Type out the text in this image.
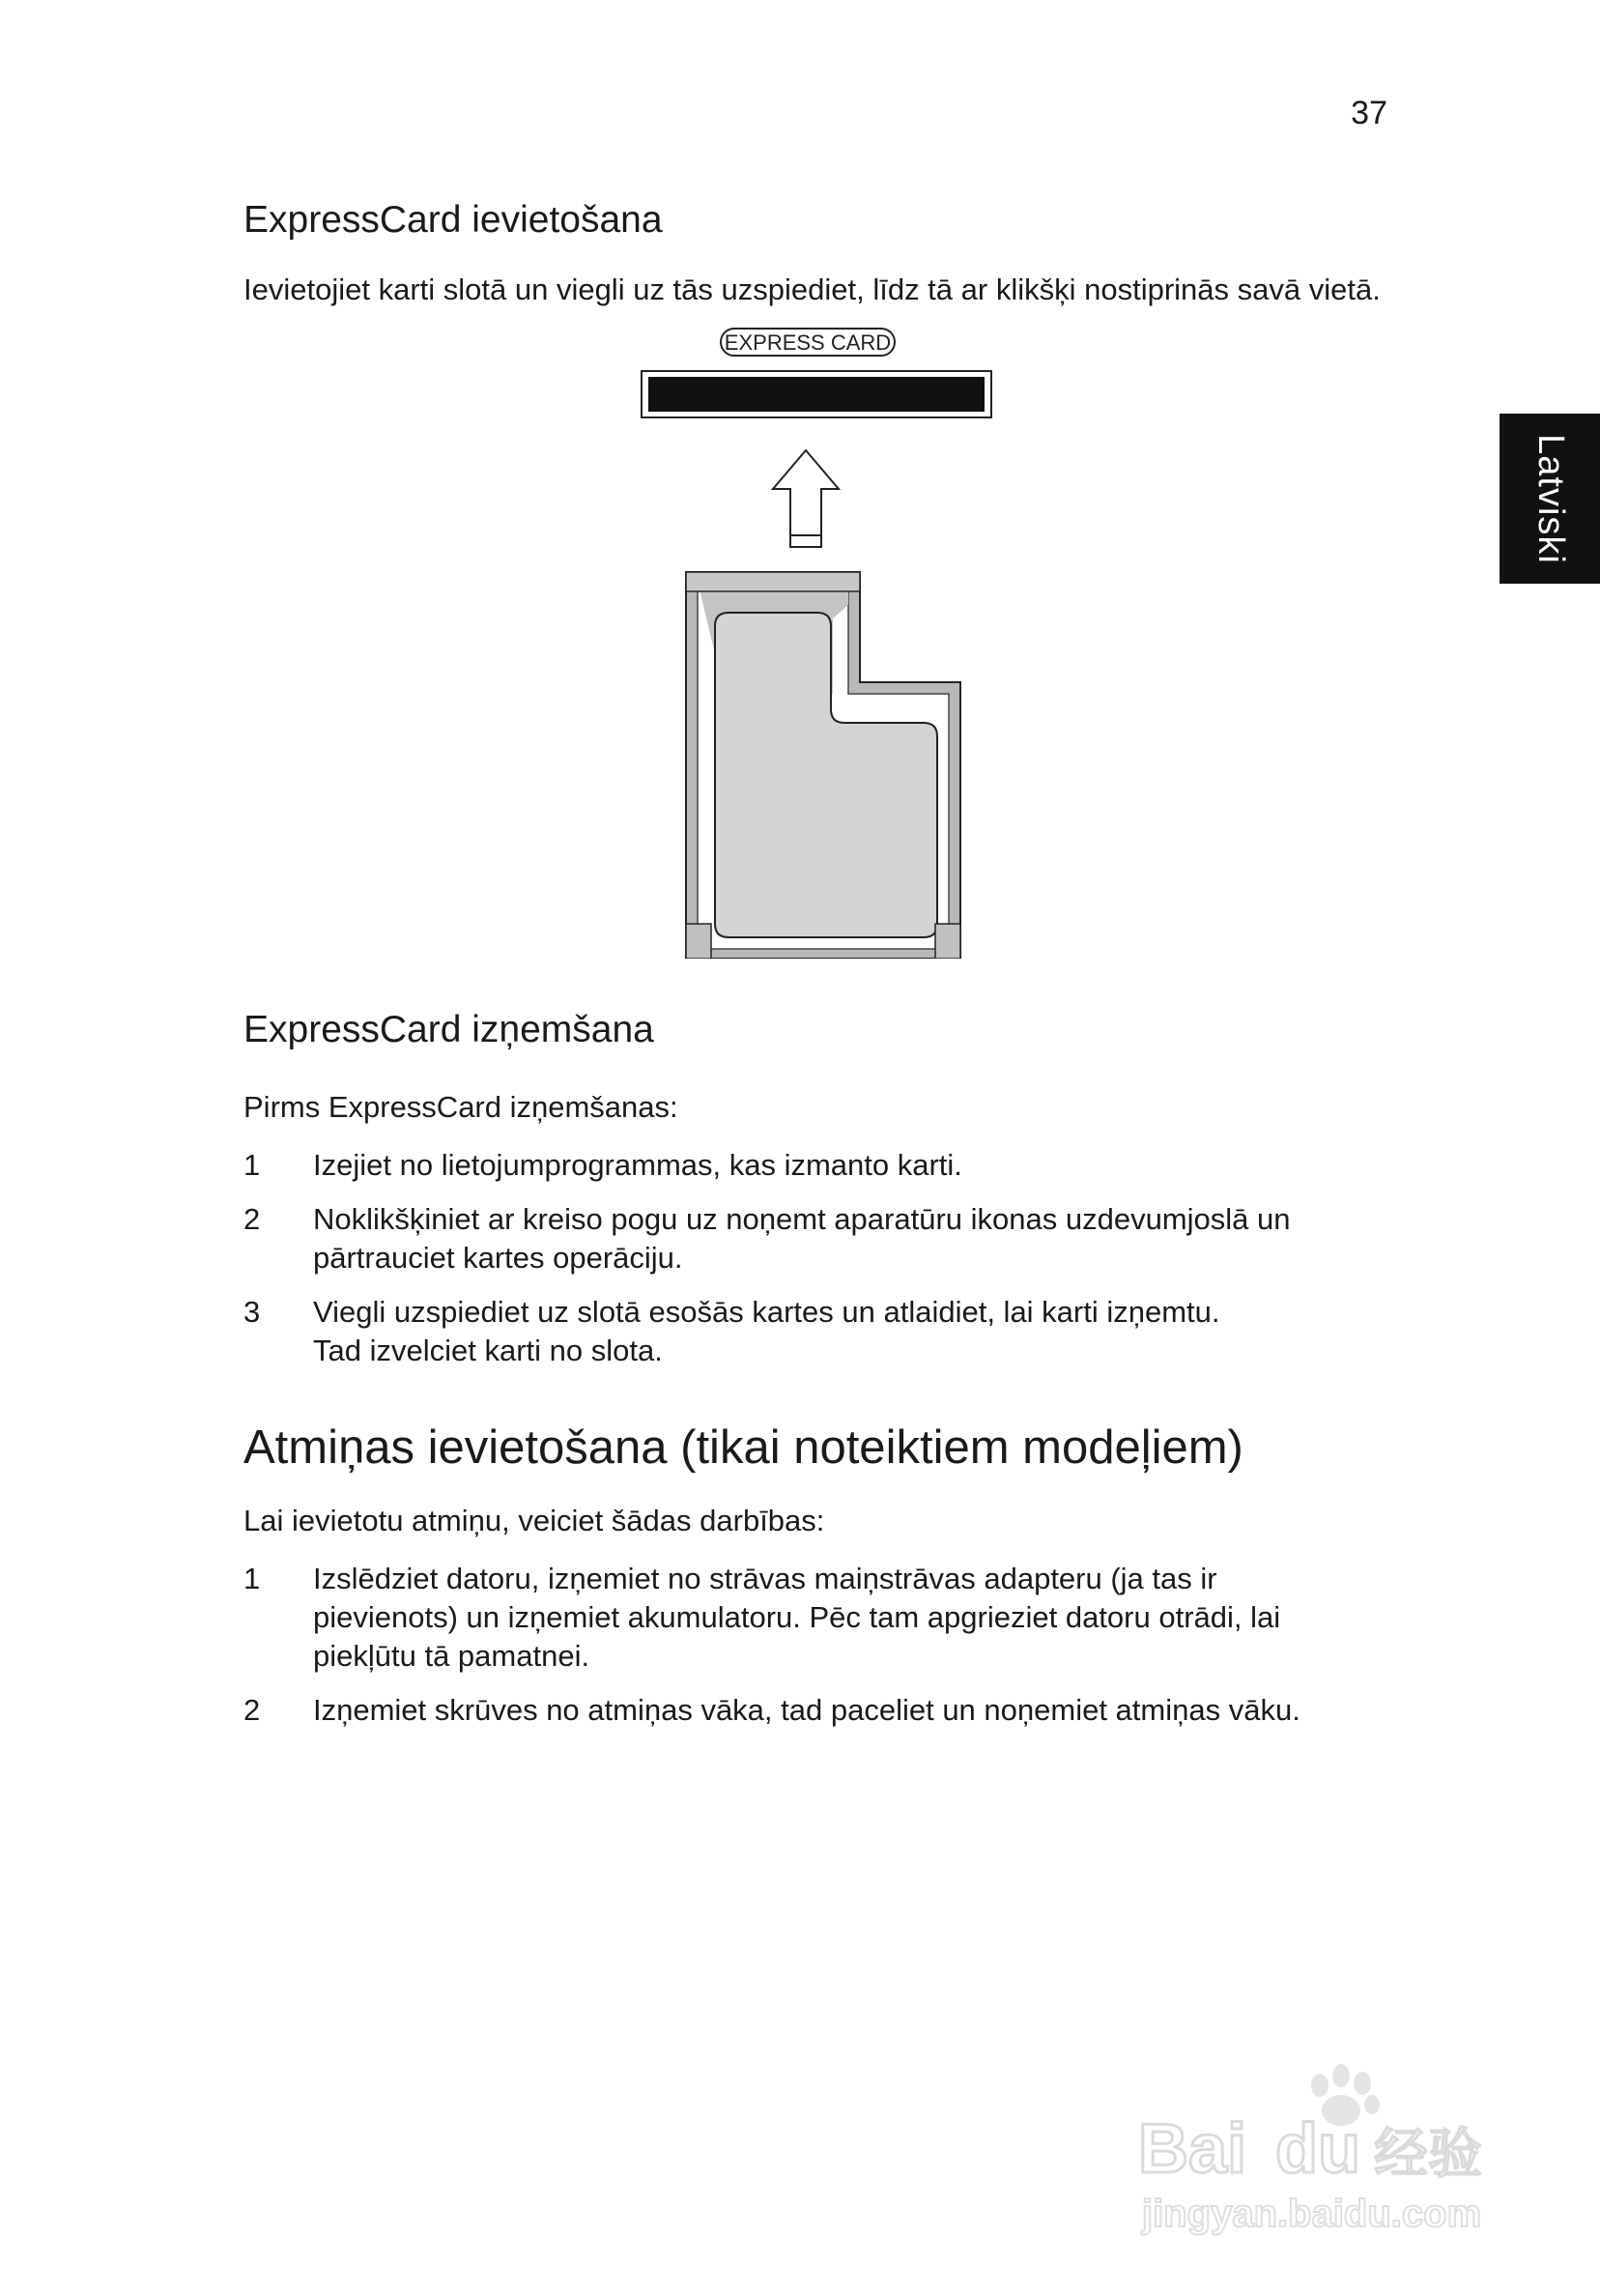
37
Latviski
ExpressCard ievietošana

Ievietojiet karti slotā un viegli uz tās uzspiediet, līdz tā ar klikšķi nostiprinās savā vietā.

EXPRESS CARD
ExpressCard izņemšana

Pirms ExpressCard izņemšanas:

1 Izejiet no lietojumprogrammas, kas izmanto karti.
2 Noklikšķiniet ar kreiso pogu uz noņemt aparatūru ikonas uzdevumjoslā un
pārtrauciet kartes operāciju.
3 Viegli uzspiediet uz slotā esošās kartes un atlaidiet, lai karti izņemtu.
Tad izvelciet karti no slota.
Atmiņas ievietošana (tikai noteiktiem modeļiem)

Lai ievietotu atmiņu, veiciet šādas darbības:

1 Izslēdziet datoru, izņemiet no strāvas maiņstrāvas adapteru (ja tas ir
pievienots) un izņemiet akumulatoru. Pēc tam apgrieziet datoru otrādi, lai
piekļūtu tā pamatnei.
2 Izņemiet skrūves no atmiņas vāka, tad paceliet un noņemiet atmiņas vāku.
Bai du 经验
jingyan.baidu.com
